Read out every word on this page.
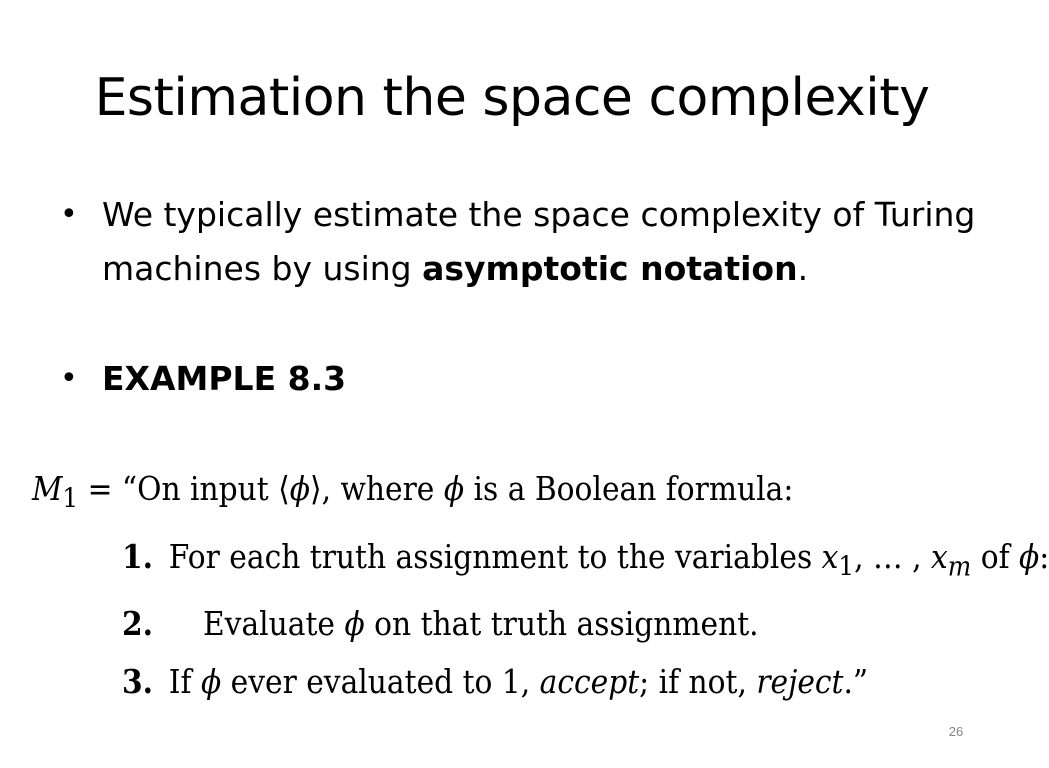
Estimation the space complexity
• We typically estimate the space complexity of Turing machines by using asymptotic notation.
• EXAMPLE 8.3
$M_1$ = “On input ⟨ϕ⟩, where ϕ is a Boolean formula:
1. For each truth assignment to the variables $x_1$, … , $x_m$ of ϕ:
2. Evaluate ϕ on that truth assignment.
3. If ϕ ever evaluated to 1, accept; if not, reject.”
26
